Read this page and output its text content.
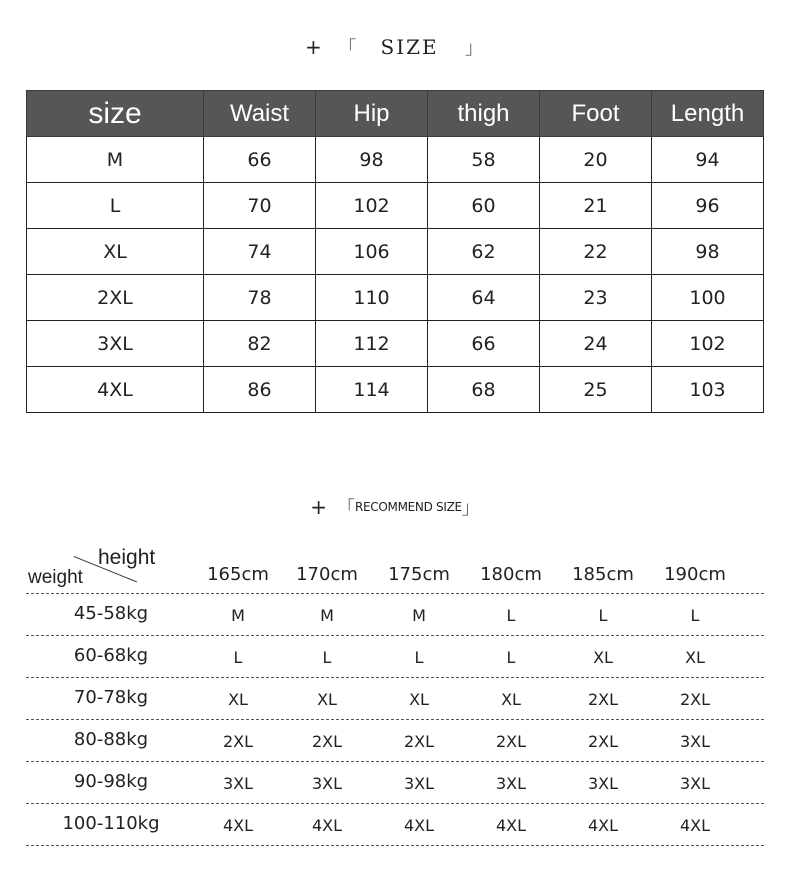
+ 「 SIZE 」
size	Waist	Hip	thigh	Foot	Length
M	66	98	58	20	94
L	70	102	60	21	96
XL	74	106	62	22	98
2XL	78	110	64	23	100
3XL	82	112	66	24	102
4XL	86	114	68	25	103
+ 「RECOMMEND SIZE」
height
weight	165cm	170cm	175cm	180cm	185cm	190cm
45-58kg	M	M	M	L	L	L
60-68kg	L	L	L	L	XL	XL
70-78kg	XL	XL	XL	XL	2XL	2XL
80-88kg	2XL	2XL	2XL	2XL	2XL	3XL
90-98kg	3XL	3XL	3XL	3XL	3XL	3XL
100-110kg	4XL	4XL	4XL	4XL	4XL	4XL
